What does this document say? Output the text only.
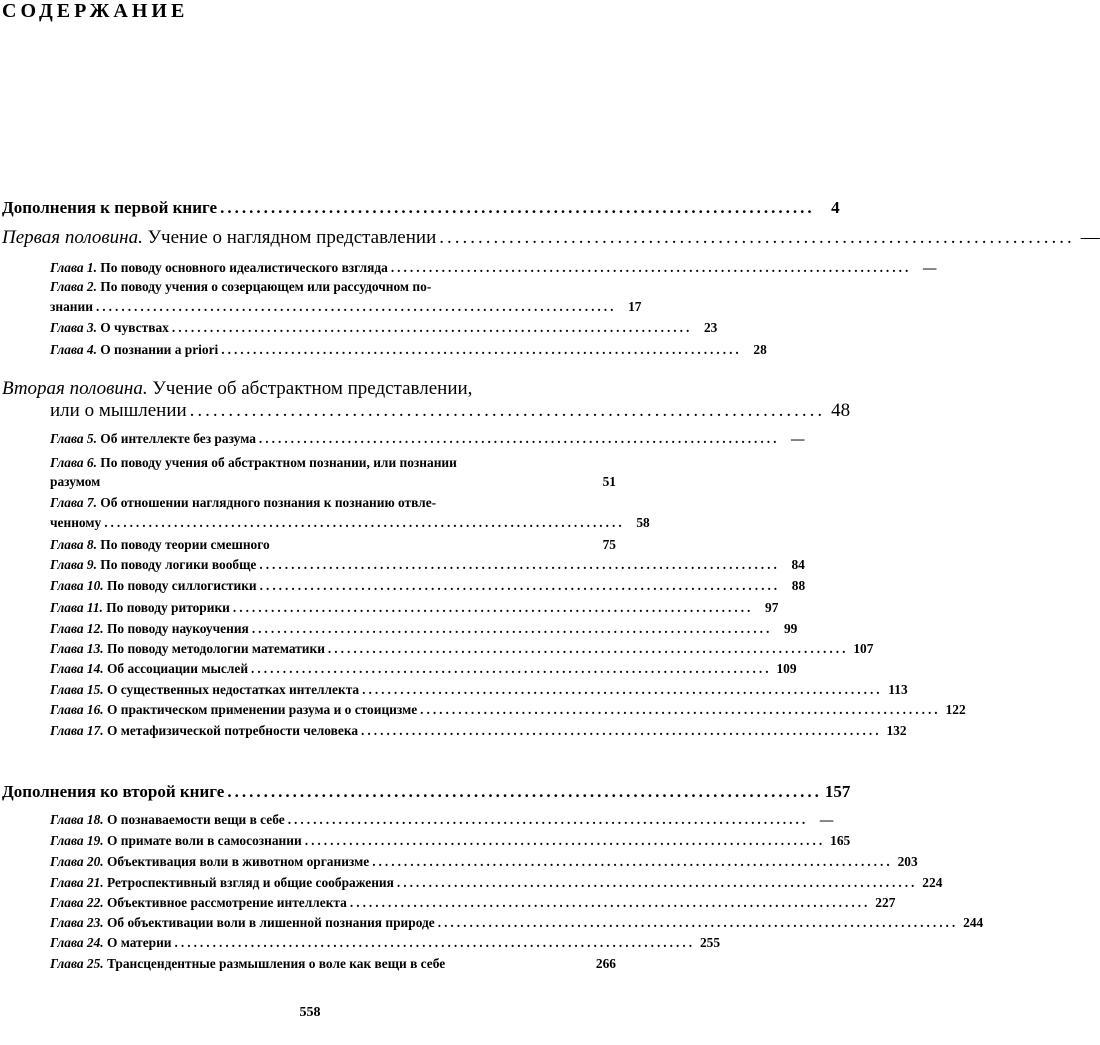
СОДЕРЖАНИЕ
Дополнения к первой книге .................................................................................. 4
Первая половина. Учение о наглядном представлении .................................................................................. —
Глава 1. По поводу основного идеалистического взгляда .................................................................................. —
Глава 2. По поводу учения о созерцающем или рассудочном по-
знании .................................................................................. 17
Глава 3. О чувствах .................................................................................. 23
Глава 4. О познании a priori .................................................................................. 28
Вторая половина. Учение об абстрактном представлении,
или о мышлении .................................................................................. 48
Глава 5. Об интеллекте без разума .................................................................................. —
Глава 6. По поводу учения об абстрактном познании, или познании
разумом	51
Глава 7. Об отношении наглядного познания к познанию отвле-
ченному .................................................................................. 58
Глава 8. По поводу теории смешного	75
Глава 9. По поводу логики вообще .................................................................................. 84
Глава 10. По поводу силлогистики .................................................................................. 88
Глава 11. По поводу риторики .................................................................................. 97
Глава 12. По поводу наукоучения .................................................................................. 99
Глава 13. По поводу методологии математики .................................................................................. 107
Глава 14. Об ассоциации мыслей .................................................................................. 109
Глава 15. О существенных недостатках интеллекта .................................................................................. 113
Глава 16. О практическом применении разума и о стоицизме .................................................................................. 122
Глава 17. О метафизической потребности человека .................................................................................. 132
Дополнения ко второй книге .................................................................................. 157
Глава 18. О познаваемости вещи в себе .................................................................................. —
Глава 19. О примате воли в самосознании .................................................................................. 165
Глава 20. Объективация воли в животном организме .................................................................................. 203
Глава 21. Ретроспективный взгляд и общие соображения .................................................................................. 224
Глава 22. Объективное рассмотрение интеллекта .................................................................................. 227
Глава 23. Об объективации воли в лишенной познания природе .................................................................................. 244
Глава 24. О материи .................................................................................. 255
Глава 25. Трансцендентные размышления о воле как вещи в себе	266
558
